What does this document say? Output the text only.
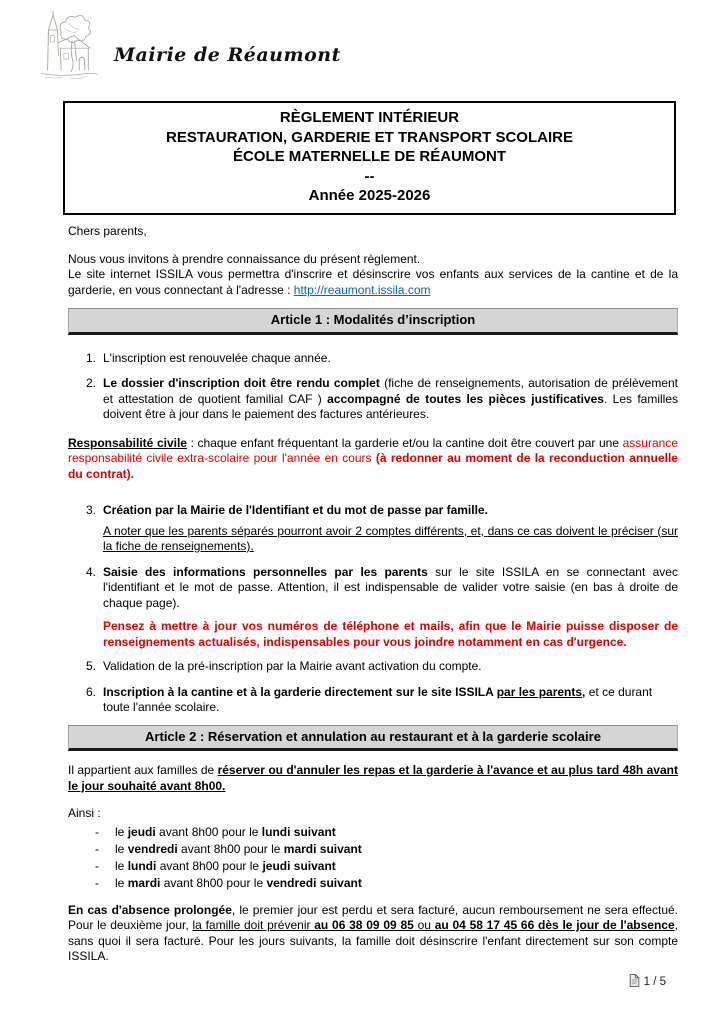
Mairie de Réaumont
RÈGLEMENT INTÉRIEUR
RESTAURATION, GARDERIE ET TRANSPORT SCOLAIRE
ÉCOLE MATERNELLE DE RÉAUMONT
--
Année 2025-2026
Chers parents,
Nous vous invitons à prendre connaissance du présent règlement.
Le site internet ISSILA vous permettra d'inscrire et désinscrire vos enfants aux services de la cantine et de la garderie, en vous connectant à l'adresse : http://reaumont.issila.com
Article 1 : Modalités d’inscription
1. L'inscription est renouvelée chaque année.
2. Le dossier d'inscription doit être rendu complet (fiche de renseignements, autorisation de prélèvement et attestation de quotient familial CAF ) accompagné de toutes les pièces justificatives. Les familles doivent être à jour dans le paiement des factures antérieures.
Responsabilité civile : chaque enfant fréquentant la garderie et/ou la cantine doit être couvert par une assurance responsabilité civile extra-scolaire pour l'année en cours (à redonner au moment de la reconduction annuelle du contrat).
3. Création par la Mairie de l'Identifiant et du mot de passe par famille.
A noter que les parents séparés pourront avoir 2 comptes différents, et, dans ce cas doivent le préciser (sur la fiche de renseignements).
4. Saisie des informations personnelles par les parents sur le site ISSILA en se connectant avec l'identifiant et le mot de passe. Attention, il est indispensable de valider votre saisie (en bas à droite de chaque page).
Pensez à mettre à jour vos numéros de téléphone et mails, afin que le Mairie puisse disposer de renseignements actualisés, indispensables pour vous joindre notamment en cas d'urgence.
5. Validation de la pré-inscription par la Mairie avant activation du compte.
6. Inscription à la cantine et à la garderie directement sur le site ISSILA par les parents, et ce durant toute l'année scolaire.
Article 2 : Réservation et annulation au restaurant et à la garderie scolaire
Il appartient aux familles de réserver ou d'annuler les repas et la garderie à l'avance et au plus tard 48h avant le jour souhaité avant 8h00.
Ainsi :
-	le jeudi avant 8h00 pour le lundi suivant
-	le vendredi avant 8h00 pour le mardi suivant
-	le lundi avant 8h00 pour le jeudi suivant
-	le mardi avant 8h00 pour le vendredi suivant
En cas d'absence prolongée, le premier jour est perdu et sera facturé, aucun remboursement ne sera effectué. Pour le deuxième jour, la famille doit prévenir au 06 38 09 09 85 ou au 04 58 17 45 66 dès le jour de l'absence, sans quoi il sera facturé. Pour les jours suivants, la famille doit désinscrire l'enfant directement sur son compte ISSILA.
1 / 5
